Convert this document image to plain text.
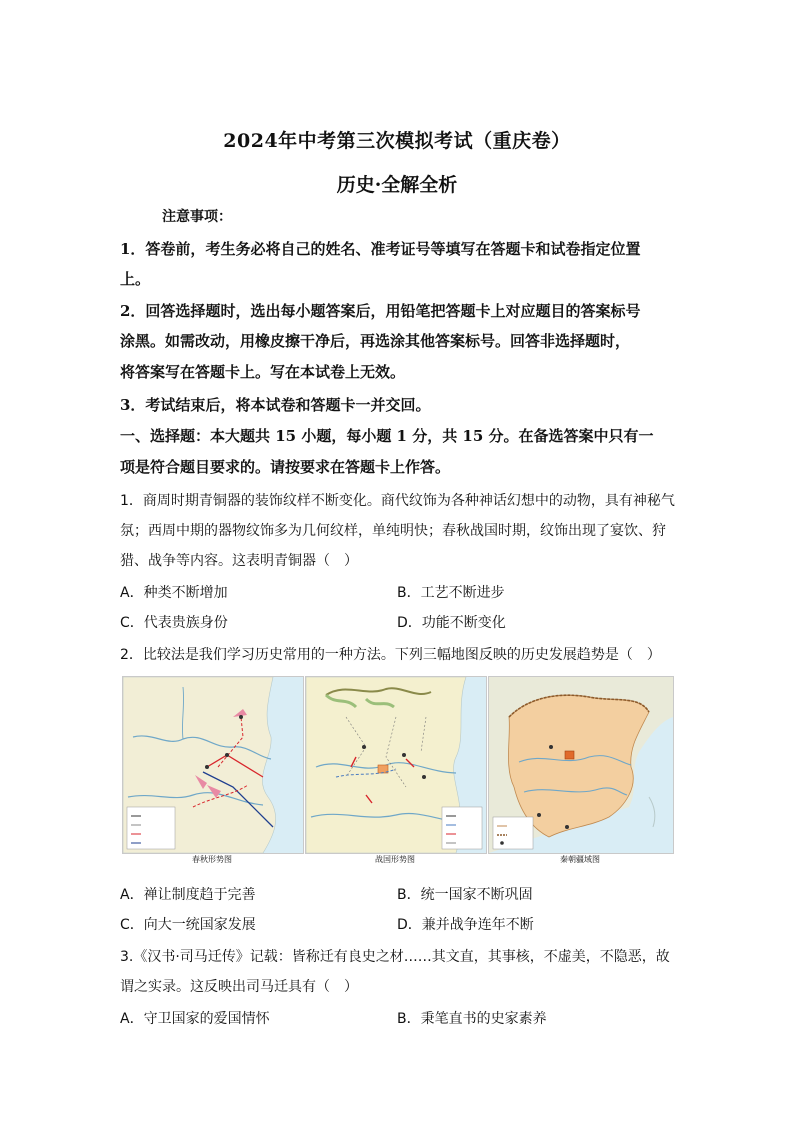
2024年中考第三次模拟考试（重庆卷）
历史·全解全析
注意事项：
1．答卷前，考生务必将自己的姓名、准考证号等填写在答题卡和试卷指定位置
上。
2．回答选择题时，选出每小题答案后，用铅笔把答题卡上对应题目的答案标号
涂黑。如需改动，用橡皮擦干净后，再选涂其他答案标号。回答非选择题时，
将答案写在答题卡上。写在本试卷上无效。
3．考试结束后，将本试卷和答题卡一并交回。
一、选择题：本大题共 15 小题，每小题 1 分，共 15 分。在备选答案中只有一
项是符合题目要求的。请按要求在答题卡上作答。
1．商周时期青铜器的装饰纹样不断变化。商代纹饰为各种神话幻想中的动物，具有神秘气
氛；西周中期的器物纹饰多为几何纹样，单纯明快；春秋战国时期，纹饰出现了宴饮、狩
猎、战争等内容。这表明青铜器（　）
A．种类不断增加	B．工艺不断进步
C．代表贵族身份	D．功能不断变化
2．比较法是我们学习历史常用的一种方法。下列三幅地图反映的历史发展趋势是（　）
春秋形势图	战国形势图	秦朝疆域图
A．禅让制度趋于完善	B．统一国家不断巩固
C．向大一统国家发展	D．兼并战争连年不断
3.《汉书·司马迁传》记载：皆称迁有良史之材……其文直，其事核，不虚美，不隐恶，故
谓之实录。这反映出司马迁具有（　）
A．守卫国家的爱国情怀	B．秉笔直书的史家素养
